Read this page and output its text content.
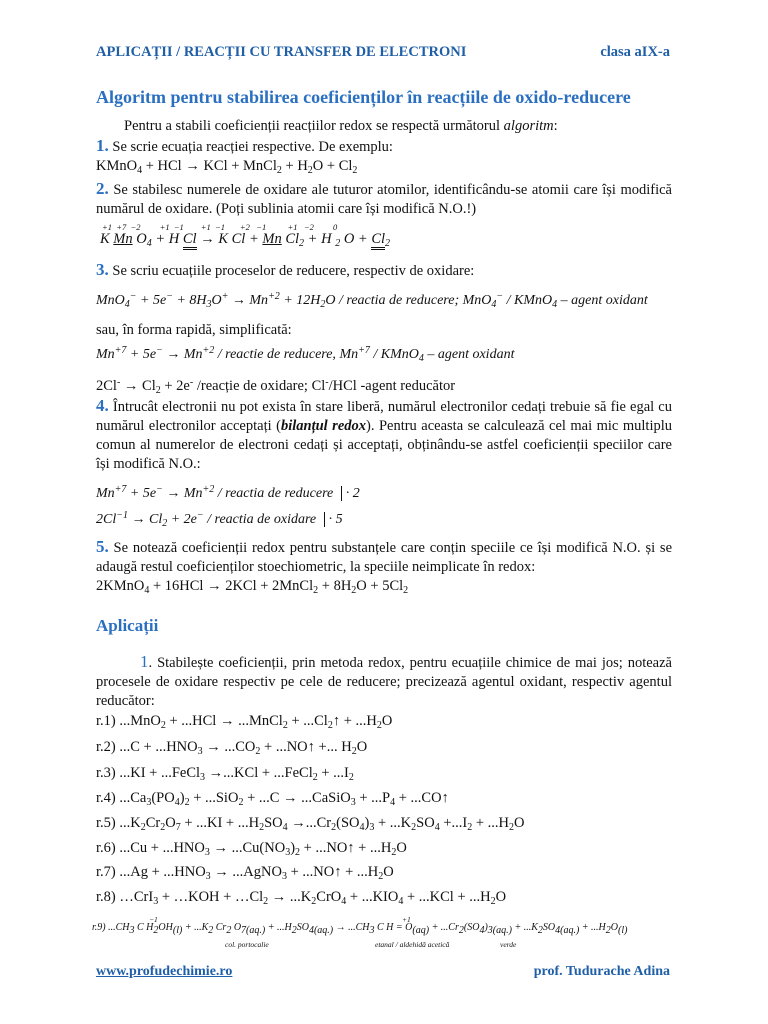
APLICAȚII / REACȚII CU TRANSFER DE ELECTRONI	clasa aIX-a
Algoritm pentru stabilirea coeficienților în reacțiile de oxido-reducere

Pentru a stabili coeficienții reacțiilor redox se respectă următorul algoritm:

1. Se scrie ecuația reacției respective. De exemplu:

KMnO$_4$ + HCl → KCl + MnCl$_2$ + $H_2O + Cl_2$

2. Se stabilesc numerele de oxidare ale tuturor atomilor, identificându-se atomii care își modifică numărul de oxidare. (Poți sublinia atomii care își modifică N.O.!)

+1  +7  −2         +1  −1        +1  −1       +2   −1          +1   −2         0
K Mn $O_4 + H$ Cl → K Cl + Mn $Cl_2 + H$ $_2$ $O + Cl_2$

3. Se scriu ecuațiile proceselor de reducere, respectiv de oxidare:

$MnO_4^- + 5e^- + 8H_3O^+ \to Mn^{+2} + 12H_2O$ / reactia de reducere; MnO$_4$− / KMnO$_4$ – agent oxidant
sau, în forma rapidă, simplificată:
$Mn^{+7} + 5e^- \to Mn^{+2}$ / reactie de reducere, $Mn^{+7}$ / KMnO$_4$ – agent oxidant

$2Cl^- \to Cl_2 + 2e^-$ /reacție de oxidare; Cl-/HCl -agent reducător

4. Întrucât electronii nu pot exista în stare liberă, numărul electronilor cedați trebuie să fie egal cu numărul electronilor acceptați (bilanțul redox). Pentru aceasta se calculează cel mai mic multiplu comun al numerelor de electroni cedați și acceptați, obținându-se astfel coeficienții speciilor care își modifică N.O.:

$Mn^{+7} + 5e^- \to Mn^{+2}$ / reactia de reducere · 2
$2Cl^{-1} \to Cl_2 + 2e^-$ / reactia de oxidare · 5

5. Se notează coeficienții redox pentru substanțele care conțin speciile ce își modifică N.O. și se adaugă restul coeficienților stoechiometric, la speciile neimplicate în redox:

2KMnO$_4$ + 16HCl → 2KCl + 2MnCl$_2$ + $8H_2O + 5Cl_2$

Aplicații

1. Stabilește coeficienții, prin metoda redox, pentru ecuațiile chimice de mai jos; notează procesele de oxidare respectiv pe cele de reducere; precizează agentul oxidant, respectiv agentul reducător:

r.1) ...MnO$_2$ + ...HCl → ...MnCl$_2$ + $...Cl_2↑ + ...H_2O$
r.2) $...C + ...HNO_3 \to ...CO_2$ + ...NO↑ +... $H_2O$
r.3) ...KI + ...FeCl$_3$ →...KCl + ...FeCl$_2$ + $...I_2$
r.4) $...Ca_3(PO_4)_2 + ...SiO_2 + ...C$ → ...CaSiO$_3$ + $...P_4$ + ...CO↑
r.5) $...K_2Cr_2O_7 + ...KI + ...H_2SO_4 \to...Cr_2(SO_4)_3 + ...K_2SO_4 +...I_2 + ...H_2O$
r.6) $...Cu + ...HNO_3 \to ...Cu(NO_3)_2$ + ...NO↑ + $...H_2O$
r.7) $...Ag + ...HNO_3$ → ...AgNO$_3$ + ...NO↑ + $...H_2O$
r.8) …CrI$_3$ + …KOH + $\dots Cl_2 \to ...K_2CrO_4 + ...KIO_4 + ...KCl + ...H_2O$
r.9) $...CH_3$ C $H_2OH_{(l)} + ...K_2$ $Cr_2$ $O_{7(aq.)} + ...H_2SO_{4(aq.)} \to ...CH_3$ C $H = O_{(aq)} + ...Cr_2(SO_4)_{3(aq.)} + ...K_2SO_{4(aq.)} + ...H_2O_{(l)}$
−1	+1
col. portocalie	etanal / aldehidă acetică	verde
www.profudechimie.ro	prof. Tudurache Adina
